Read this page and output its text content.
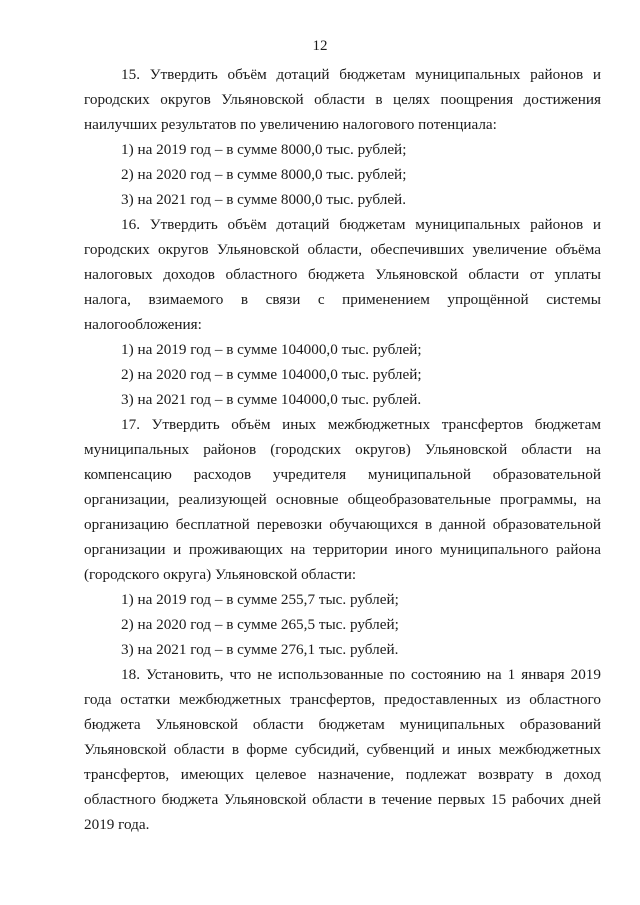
12

15. Утвердить объём дотаций бюджетам муниципальных районов и городских округов Ульяновской области в целях поощрения достижения наилучших результатов по увеличению налогового потенциала:

1) на 2019 год – в сумме 8000,0 тыс. рублей;

2) на 2020 год – в сумме 8000,0 тыс. рублей;

3) на 2021 год – в сумме 8000,0 тыс. рублей.

16. Утвердить объём дотаций бюджетам муниципальных районов и городских округов Ульяновской области, обеспечивших увеличение объёма налоговых доходов областного бюджета Ульяновской области от уплаты налога, взимаемого в связи с применением упрощённой системы налогообложения:

1) на 2019 год – в сумме 104000,0 тыс. рублей;

2) на 2020 год – в сумме 104000,0 тыс. рублей;

3) на 2021 год – в сумме 104000,0 тыс. рублей.

17. Утвердить объём иных межбюджетных трансфертов бюджетам муниципальных районов (городских округов) Ульяновской области на компенсацию расходов учредителя муниципальной образовательной организации, реализующей основные общеобразовательные программы, на организацию бесплатной перевозки обучающихся в данной образовательной организации и проживающих на территории иного муниципального района (городского округа) Ульяновской области:

1) на 2019 год – в сумме 255,7 тыс. рублей;

2) на 2020 год – в сумме 265,5 тыс. рублей;

3) на 2021 год – в сумме 276,1 тыс. рублей.

18. Установить, что не использованные по состоянию на 1 января 2019 года остатки межбюджетных трансфертов, предоставленных из областного бюджета Ульяновской области бюджетам муниципальных образований Ульяновской области в форме субсидий, субвенций и иных межбюджетных трансфертов, имеющих целевое назначение, подлежат возврату в доход областного бюджета Ульяновской области в течение первых 15 рабочих дней 2019 года.
